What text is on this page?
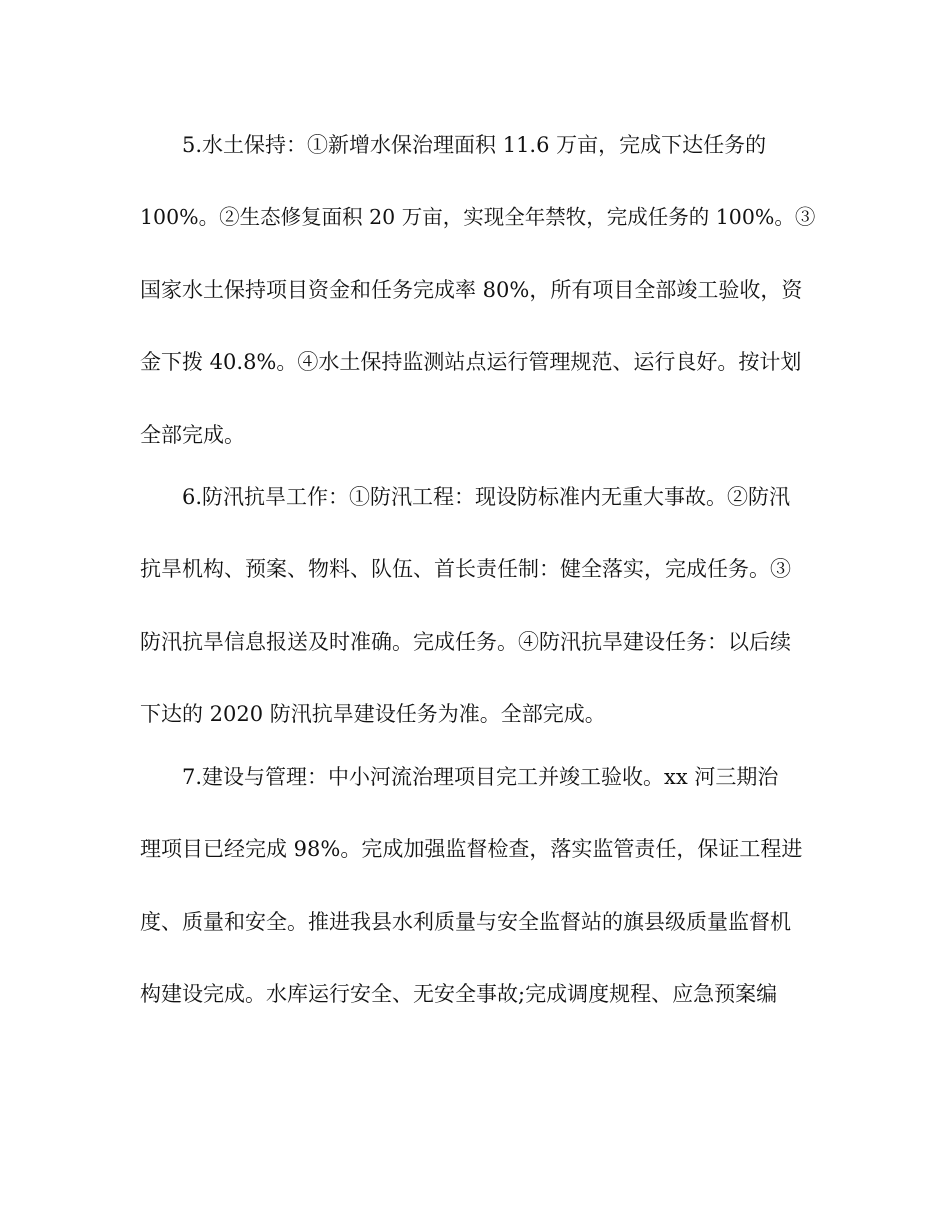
5.水土保持：①新增水保治理面积 11.6 万亩，完成下达任务的
100%。②生态修复面积 20 万亩，实现全年禁牧，完成任务的 100%。③
国家水土保持项目资金和任务完成率 80%，所有项目全部竣工验收，资
金下拨 40.8%。④水土保持监测站点运行管理规范、运行良好。按计划
全部完成。
6.防汛抗旱工作：①防汛工程：现设防标准内无重大事故。②防汛
抗旱机构、预案、物料、队伍、首长责任制：健全落实，完成任务。③
防汛抗旱信息报送及时准确。完成任务。④防汛抗旱建设任务：以后续
下达的 2020 防汛抗旱建设任务为准。全部完成。
7.建设与管理：中小河流治理项目完工并竣工验收。xx 河三期治
理项目已经完成 98%。完成加强监督检查，落实监管责任，保证工程进
度、质量和安全。推进我县水利质量与安全监督站的旗县级质量监督机
构建设完成。水库运行安全、无安全事故;完成调度规程、应急预案编
